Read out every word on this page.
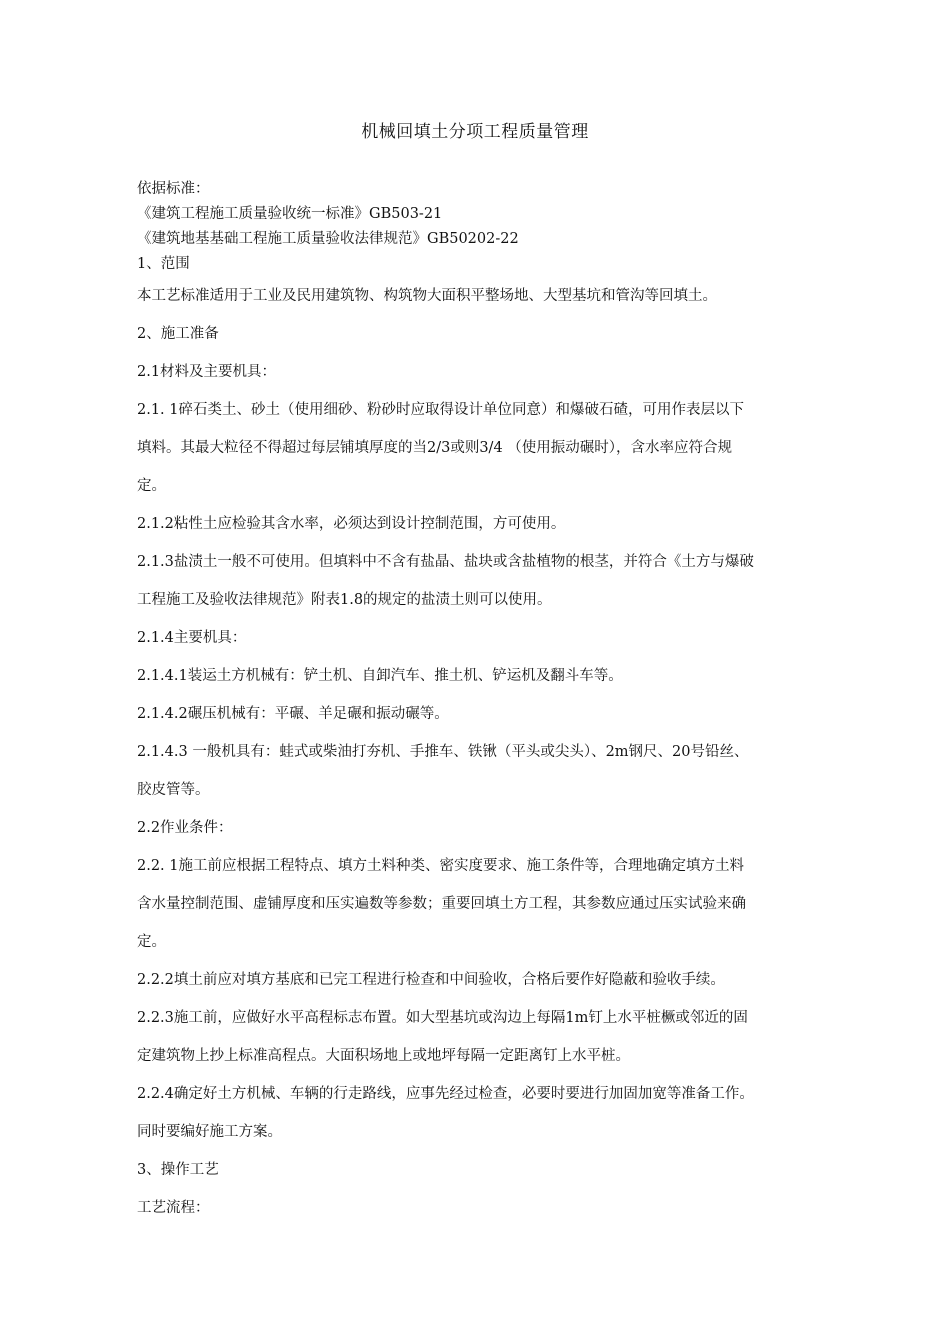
机械回填土分项工程质量管理
依据标准：
《建筑工程施工质量验收统一标准》GB503-21
《建筑地基基础工程施工质量验收法律规范》GB50202-22
1、范围
本工艺标准适用于工业及民用建筑物、构筑物大面积平整场地、大型基坑和管沟等回填土。
2、施工准备
2.1材料及主要机具：
2.1. 1碎石类土、砂土（使用细砂、粉砂时应取得设计单位同意）和爆破石碴，可用作表层以下
填料。其最大粒径不得超过每层铺填厚度的当2/3或则3/4 （使用振动碾时），含水率应符合规
定。
2.1.2粘性土应检验其含水率，必须达到设计控制范围，方可使用。
2.1.3盐渍土一般不可使用。但填料中不含有盐晶、盐块或含盐植物的根茎，并符合《土方与爆破
工程施工及验收法律规范》附表1.8的规定的盐渍土则可以使用。
2.1.4主要机具：
2.1.4.1装运土方机械有：铲土机、自卸汽车、推土机、铲运机及翻斗车等。
2.1.4.2碾压机械有：平碾、羊足碾和振动碾等。
2.1.4.3 一般机具有：蛙式或柴油打夯机、手推车、铁锹（平头或尖头）、2m钢尺、20号铅丝、
胶皮管等。
2.2作业条件：
2.2. 1施工前应根据工程特点、填方土料种类、密实度要求、施工条件等，合理地确定填方土料
含水量控制范围、虚铺厚度和压实遍数等参数；重要回填土方工程，其参数应通过压实试验来确
定。
2.2.2填土前应对填方基底和已完工程进行检查和中间验收，合格后要作好隐蔽和验收手续。
2.2.3施工前，应做好水平高程标志布置。如大型基坑或沟边上每隔1m钉上水平桩橛或邻近的固
定建筑物上抄上标准高程点。大面积场地上或地坪每隔一定距离钉上水平桩。
2.2.4确定好土方机械、车辆的行走路线，应事先经过检查，必要时要进行加固加宽等准备工作。
同时要编好施工方案。
3、操作工艺
工艺流程：
